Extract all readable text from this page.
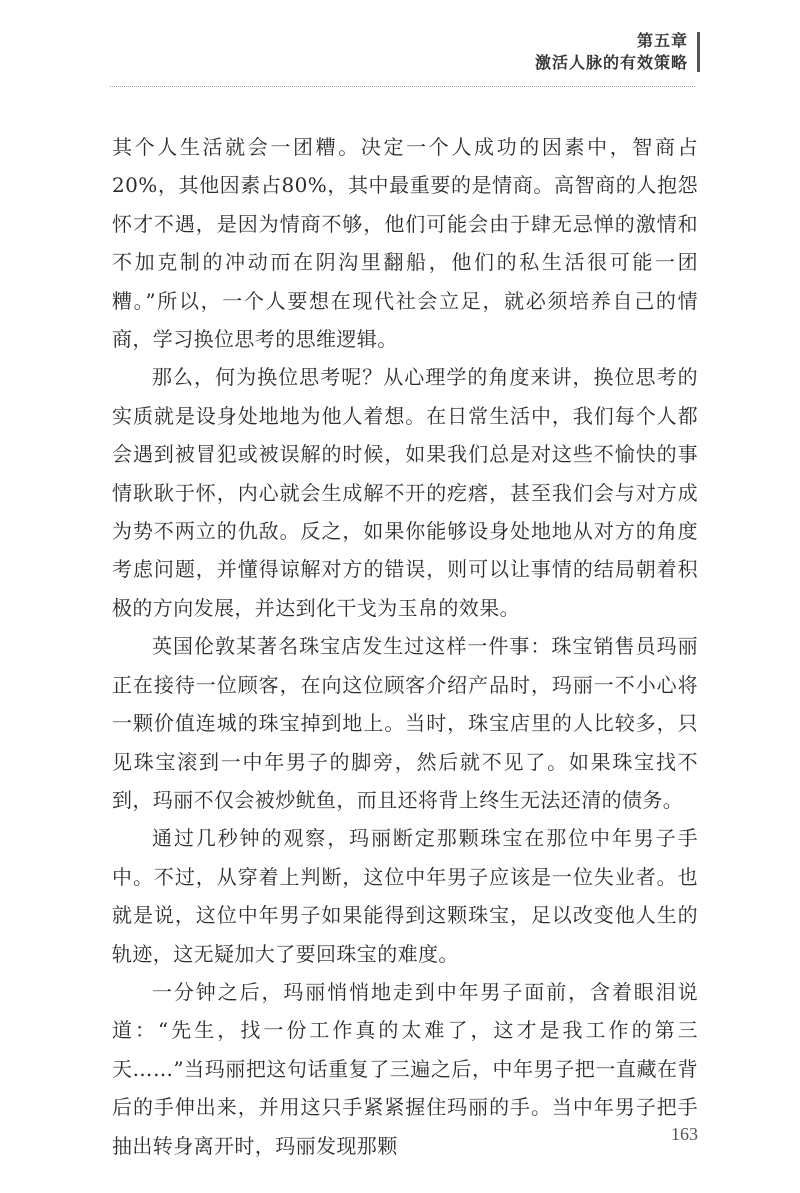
第五章
激活人脉的有效策略

其个人生活就会一团糟。决定一个人成功的因素中，智商占20%，其他因素占80%，其中最重要的是情商。高智商的人抱怨怀才不遇，是因为情商不够，他们可能会由于肆无忌惮的激情和不加克制的冲动而在阴沟里翻船，他们的私生活很可能一团糟。”所以，一个人要想在现代社会立足，就必须培养自己的情商，学习换位思考的思维逻辑。

那么，何为换位思考呢？从心理学的角度来讲，换位思考的实质就是设身处地地为他人着想。在日常生活中，我们每个人都会遇到被冒犯或被误解的时候，如果我们总是对这些不愉快的事情耿耿于怀，内心就会生成解不开的疙瘩，甚至我们会与对方成为势不两立的仇敌。反之，如果你能够设身处地地从对方的角度考虑问题，并懂得谅解对方的错误，则可以让事情的结局朝着积极的方向发展，并达到化干戈为玉帛的效果。

英国伦敦某著名珠宝店发生过这样一件事：珠宝销售员玛丽正在接待一位顾客，在向这位顾客介绍产品时，玛丽一不小心将一颗价值连城的珠宝掉到地上。当时，珠宝店里的人比较多，只见珠宝滚到一中年男子的脚旁，然后就不见了。如果珠宝找不到，玛丽不仅会被炒鱿鱼，而且还将背上终生无法还清的债务。

通过几秒钟的观察，玛丽断定那颗珠宝在那位中年男子手中。不过，从穿着上判断，这位中年男子应该是一位失业者。也就是说，这位中年男子如果能得到这颗珠宝，足以改变他人生的轨迹，这无疑加大了要回珠宝的难度。

一分钟之后，玛丽悄悄地走到中年男子面前，含着眼泪说道：“先生，找一份工作真的太难了，这才是我工作的第三天……”当玛丽把这句话重复了三遍之后，中年男子把一直藏在背后的手伸出来，并用这只手紧紧握住玛丽的手。当中年男子把手抽出转身离开时，玛丽发现那颗	163
